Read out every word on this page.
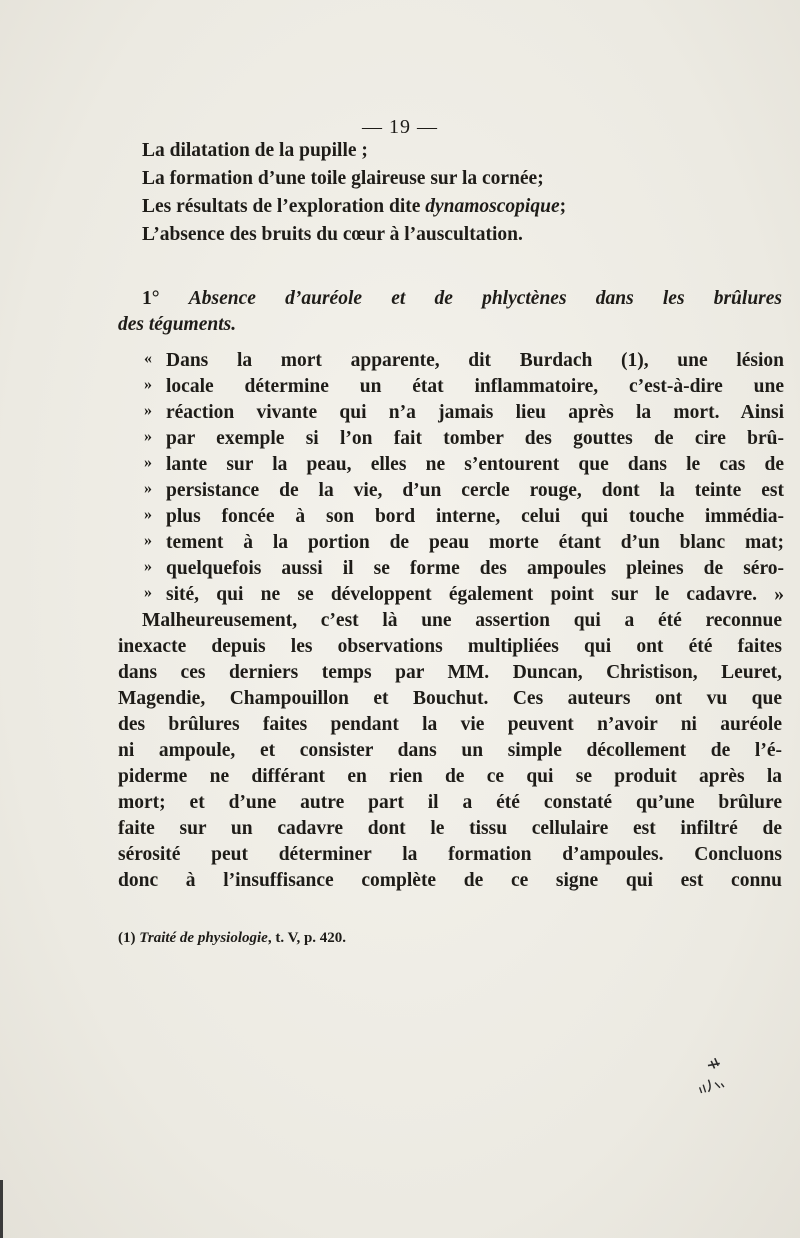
— 19 —
La dilatation de la pupille ;
La formation d’une toile glaireuse sur la cornée;
Les résultats de l’exploration dite dynamoscopique;
L’absence des bruits du cœur à l’auscultation.
1° Absence d’auréole et de phlyctènes dans les brûlures
des téguments.
«
»
»
»
»
»
»
»
»
»
Dans la mort apparente, dit Burdach (1), une lésion
locale détermine un état inflammatoire, c’est-à-dire une
réaction vivante qui n’a jamais lieu après la mort. Ainsi
par exemple si l’on fait tomber des gouttes de cire brû-
lante sur la peau, elles ne s’entourent que dans le cas de
persistance de la vie, d’un cercle rouge, dont la teinte est
plus foncée à son bord interne, celui qui touche immédia-
tement à la portion de peau morte étant d’un blanc mat;
quelquefois aussi il se forme des ampoules pleines de séro-
sité, qui ne se développent également point sur le cadavre. »
Malheureusement, c’est là une assertion qui a été reconnue
inexacte depuis les observations multipliées qui ont été faites
dans ces derniers temps par MM. Duncan, Christison, Leuret,
Magendie, Champouillon et Bouchut. Ces auteurs ont vu que
des brûlures faites pendant la vie peuvent n’avoir ni auréole
ni ampoule, et consister dans un simple décollement de l’é-
piderme ne différant en rien de ce qui se produit après la
mort; et d’une autre part il a été constaté qu’une brûlure
faite sur un cadavre dont le tissu cellulaire est infiltré de
sérosité peut déterminer la formation d’ampoules. Concluons
donc à l’insuffisance complète de ce signe qui est connu
(1) Traité de physiologie, t. V, p. 420.
